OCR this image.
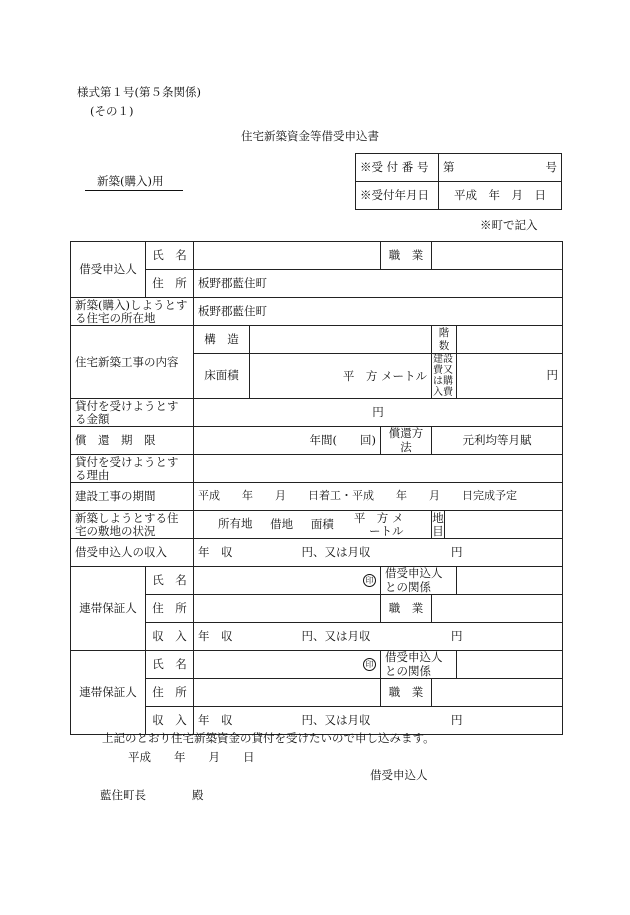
様式第１号(第５条関係)
(その１)
住宅新築資金等借受申込書
新築(購入)用
※受 付 番 号	第 号

※受付年月日	平成　年　月　日
※町で記入
借受申込人	氏　名			職　業			
	住　所	板野郡藍住町					
新築(購入)しようとする住宅の所在地		板野郡藍住町					
住宅新築工事の内容		構　造			階　数		
		床面積	平　方 メートル		建設費又は購入費		円
貸付を受けようとする金額		円					
償　還　期　限		年間(　　回)		償還方法	元利均等月賦		
貸付を受けようとする理由							
建設工事の期間		平成　　年　　月　　日着工・平成　　年　　月　　日完成予定					
新築しようとする住宅の敷地の状況		所有地 借地 面積 平　方 メートル			地目		
借受申込人の収入		年　収　　　　　　円、又は月収　　　　　　　円					
連帯保証人	氏　名	印		借受申込人との関係			
	住　所			職　業			
	収　入	年　収　　　　　　円、又は月収　　　　　　　円					
連帯保証人	氏　名	印		借受申込人との関係			
	住　所			職　業			
	収　入	年　収　　　　　　円、又は月収　　　　　　　円					
上記のとおり住宅新築資金の貸付を受けたいので申し込みます。
平成　　年　　月　　日
借受申込人
藍住町長　　　　殿
